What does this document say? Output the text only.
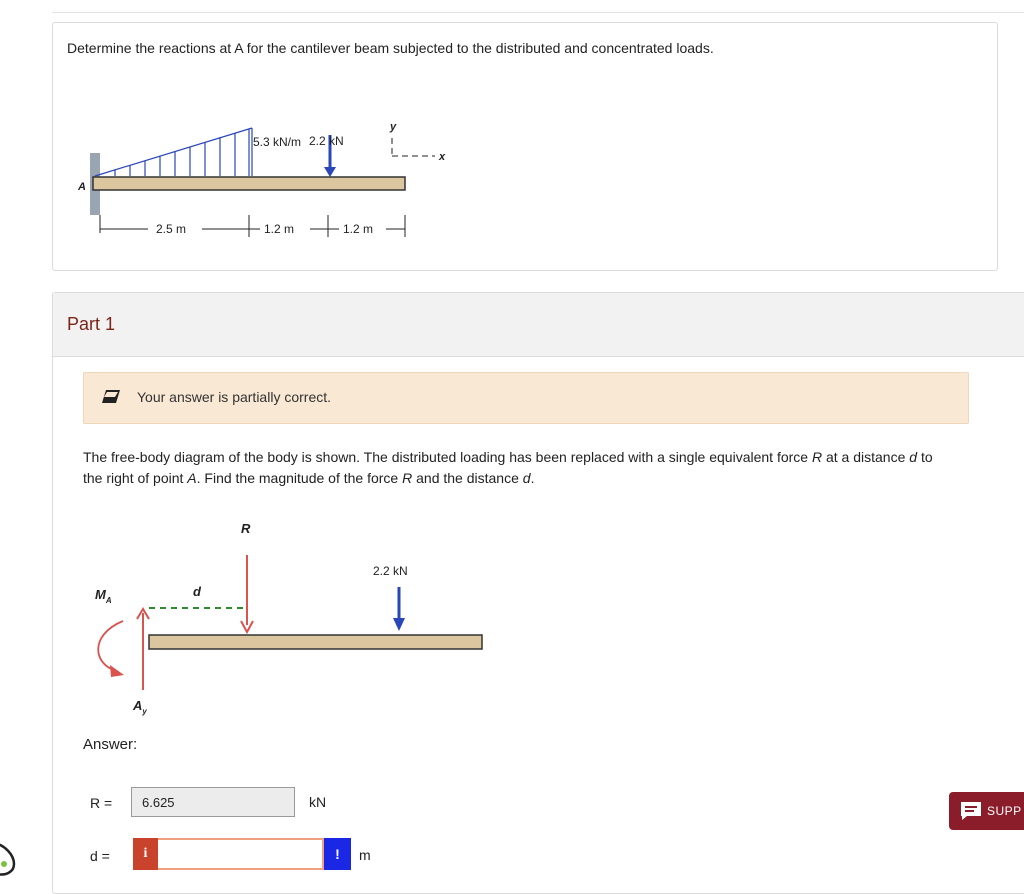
Determine the reactions at A for the cantilever beam subjected to the distributed and concentrated loads.
5.3 kN/m 2.2 kN
A
y
x
2.5 m	1.2 m	1.2 m
Part 1
Your answer is partially correct.
The free-body diagram of the body is shown. The distributed loading has been replaced with a single equivalent force R at a distance d to the right of point A. Find the magnitude of the force R and the distance d.
R
d
2.2 kN
$M_A$
$A_y$
Answer:
R =	6.625	kN
d =	i	!	m
SUPP
